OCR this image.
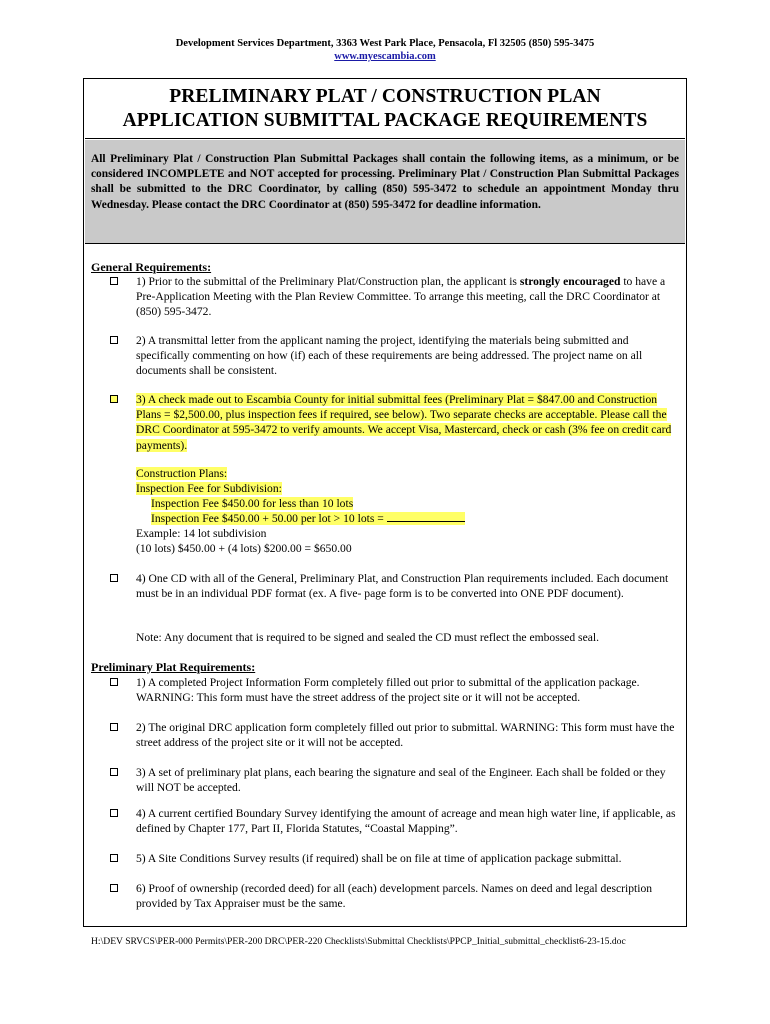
Development Services Department, 3363 West Park Place, Pensacola, Fl 32505 (850) 595-3475
www.myescambia.com
PRELIMINARY PLAT / CONSTRUCTION PLAN
APPLICATION SUBMITTAL PACKAGE REQUIREMENTS
All Preliminary Plat / Construction Plan Submittal Packages shall contain the following items, as a minimum, or be considered INCOMPLETE and NOT accepted for processing. Preliminary Plat / Construction Plan Submittal Packages shall be submitted to the DRC Coordinator, by calling (850) 595-3472 to schedule an appointment Monday thru Wednesday. Please contact the DRC Coordinator at (850) 595-3472 for deadline information.
General Requirements:
1) Prior to the submittal of the Preliminary Plat/Construction plan, the applicant is strongly encouraged to have a Pre-Application Meeting with the Plan Review Committee. To arrange this meeting, call the DRC Coordinator at (850) 595-3472.
2) A transmittal letter from the applicant naming the project, identifying the materials being submitted and specifically commenting on how (if) each of these requirements are being addressed. The project name on all documents shall be consistent.
3) A check made out to Escambia County for initial submittal fees (Preliminary Plat = $847.00 and Construction Plans = $2,500.00, plus inspection fees if required, see below). Two separate checks are acceptable. Please call the DRC Coordinator at 595-3472 to verify amounts. We accept Visa, Mastercard, check or cash (3% fee on credit card payments).
Construction Plans:
Inspection Fee for Subdivision:
Inspection Fee $450.00 for less than 10 lots
Inspection Fee $450.00 + 50.00 per lot > 10 lots =
Example: 14 lot subdivision
(10 lots) $450.00 + (4 lots) $200.00 = $650.00
4) One CD with all of the General, Preliminary Plat, and Construction Plan requirements included. Each document must be in an individual PDF format (ex. A five- page form is to be converted into ONE PDF document).
Note: Any document that is required to be signed and sealed the CD must reflect the embossed seal.
Preliminary Plat Requirements:
1) A completed Project Information Form completely filled out prior to submittal of the application package. WARNING: This form must have the street address of the project site or it will not be accepted.
2) The original DRC application form completely filled out prior to submittal. WARNING: This form must have the street address of the project site or it will not be accepted.
3) A set of preliminary plat plans, each bearing the signature and seal of the Engineer. Each shall be folded or they will NOT be accepted.
4) A current certified Boundary Survey identifying the amount of acreage and mean high water line, if applicable, as defined by Chapter 177, Part II, Florida Statutes, “Coastal Mapping”.
5) A Site Conditions Survey results (if required) shall be on file at time of application package submittal.
6) Proof of ownership (recorded deed) for all (each) development parcels. Names on deed and legal description provided by Tax Appraiser must be the same.
H:\DEV SRVCS\PER-000 Permits\PER-200 DRC\PER-220 Checklists\Submittal Checklists\PPCP_Initial_submittal_checklist6-23-15.doc
